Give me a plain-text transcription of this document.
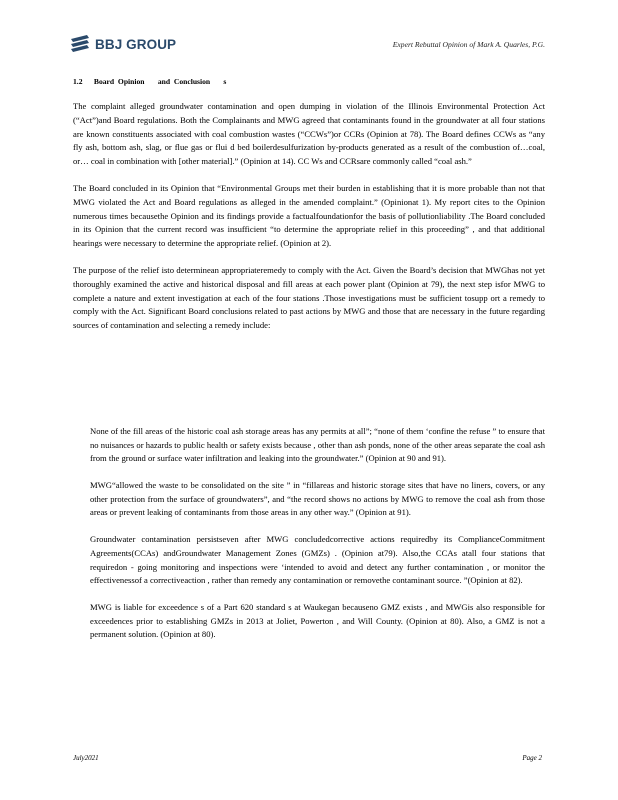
BBJ GROUP	Expert Rebuttal Opinion of Mark A. Quarles, P.G.
1.2      Board  Opinion       and  Conclusion       s

The complaint alleged groundwater contamination and open dumping in violation of the Illinois Environmental Protection Act (“Act”)and Board regulations. Both the Complainants and MWG agreed that contaminants found in the groundwater at all four stations are known constituents associated with coal combustion wastes (“CCWs”)or CCRs (Opinion at 78). The Board defines CCWs as “any fly ash, bottom ash, slag, or flue gas or flui d bed boilerdesulfurization by-products generated as a result of the combustion of…coal, or… coal in combination with [other material].” (Opinion at 14). CC Ws and CCRsare commonly called “coal ash.”

The Board concluded in its Opinion that “Environmental Groups met their burden in establishing that it is more probable than not that MWG violated the Act and Board regulations as alleged in the amended complaint.” (Opinionat 1). My report cites to the Opinion numerous times becausethe Opinion and its findings provide a factualfoundationfor the basis of pollutionliability .The Board concluded in its Opinion that the current record was insufficient “to determine the appropriate relief in this proceeding” , and that additional hearings were necessary to determine the appropriate relief. (Opinion at 2).

The purpose of the relief isto determinean appropriateremedy to comply with the Act. Given the Board’s decision that MWGhas not yet thoroughly examined the active and historical disposal and fill areas at each power plant (Opinion at 79), the next step isfor MWG to complete a nature and extent investigation at each of the four stations .Those investigations must be sufficient tosupp ort a remedy to comply with the Act. Significant Board conclusions related to past actions by MWG and those that are necessary in the future regarding sources of contamination and selecting a remedy include:

None of the fill areas of the historic coal ash storage areas has any permits at all”; “none of them ‘confine the refuse ” to ensure that no nuisances or hazards to public health or safety exists because , other than ash ponds, none of the other areas separate the coal ash from the ground or surface water infiltration and leaking into the groundwater.” (Opinion at 90 and 91).
MWG“allowed the waste to be consolidated on the site ” in “fillareas and historic storage sites that have no liners, covers, or any other protection from the surface of groundwaters”, and “the record shows no actions by MWG to remove the coal ash from those areas or prevent leaking of contaminants from those areas in any other way.” (Opinion at 91).
Groundwater contamination persistseven after MWG concludedcorrective actions requiredby its ComplianceCommitment Agreements(CCAs) andGroundwater Management Zones (GMZs) . (Opinion at79). Also,the CCAs atall four stations that requiredon - going monitoring and inspections were ‘intended to avoid and detect any further contamination , or monitor the effectivenessof a correctiveaction , rather than remedy any contamination or removethe contaminant source. ”(Opinion at 82).
MWG is liable for exceedence s of a Part 620 standard s at Waukegan becauseno GMZ exists , and MWGis also responsible for exceedences prior to establishing GMZs in 2013 at Joliet, Powerton , and Will County. (Opinion at 80). Also, a GMZ is not a permanent solution. (Opinion at 80).
July2021	Page 2
